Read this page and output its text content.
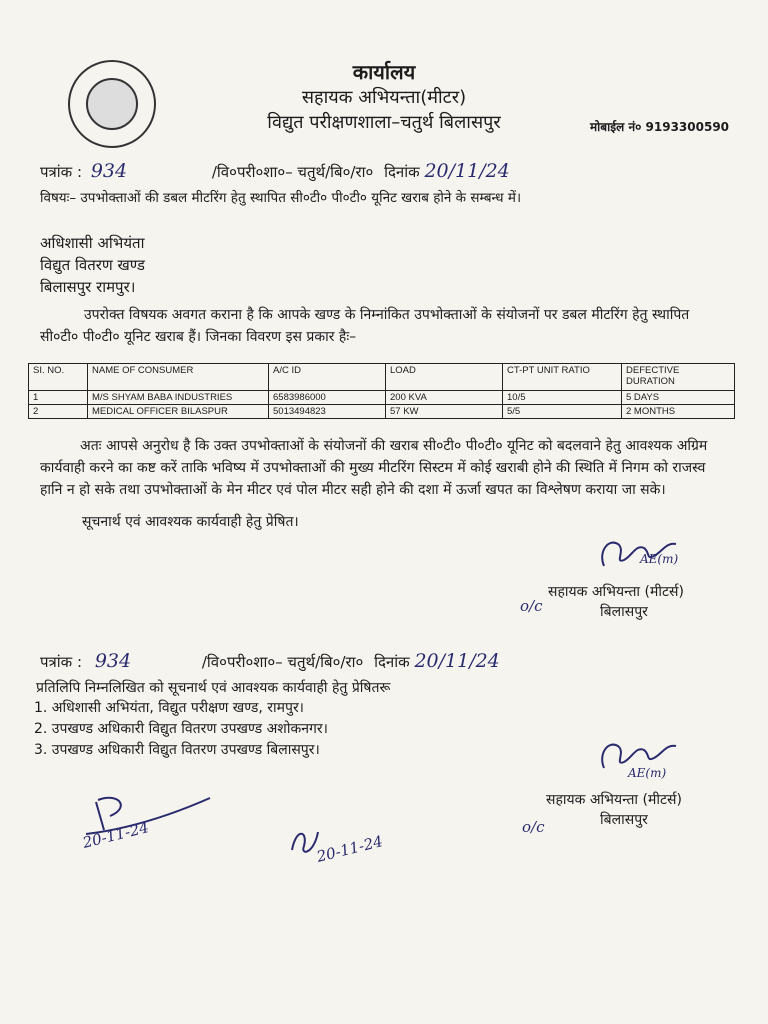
कार्यालय
सहायक अभियन्ता(मीटर)
विद्युत परीक्षणशाला–चतुर्थ बिलासपुर	मोबाईल नं० 9193300590
पत्रांक : 934	/वि०परी०शा०– चतुर्थ/बि०/रा० दिनांक 20/11/24
विषयः– उपभोक्ताओं की डबल मीटरिंग हेतु स्थापित सी०टी० पी०टी० यूनिट खराब होने के सम्बन्ध में।
अधिशासी अभियंता
विद्युत वितरण खण्ड
बिलासपुर रामपुर।
उपरोक्त विषयक अवगत कराना है कि आपके खण्ड के निम्नांकित उपभोक्ताओं के संयोजनों पर डबल मीटरिंग हेतु स्थापित सी०टी० पी०टी० यूनिट खराब हैं। जिनका विवरण इस प्रकार हैः–
SI. NO.	NAME OF CONSUMER	A/C ID	LOAD	CT-PT UNIT RATIO	DEFECTIVE DURATION
1	M/S SHYAM BABA INDUSTRIES	6583986000	200 KVA	10/5	5 DAYS
2	MEDICAL OFFICER BILASPUR	5013494823	57 KW	5/5	2 MONTHS
अतः आपसे अनुरोध है कि उक्त उपभोक्ताओं के संयोजनों की खराब सी०टी० पी०टी० यूनिट को बदलवाने हेतु आवश्यक अग्रिम कार्यवाही करने का कष्ट करें ताकि भविष्य में उपभोक्ताओं की मुख्य मीटरिंग सिस्टम में कोई खराबी होने की स्थिति में निगम को राजस्व हानि न हो सके तथा उपभोक्ताओं के मेन मीटर एवं पोल मीटर सही होने की दशा में ऊर्जा खपत का विश्लेषण कराया जा सके।
सूचनार्थ एवं आवश्यक कार्यवाही हेतु प्रेषित।
AE(m)
सहायक अभियन्ता (मीटर्स)
o/c	बिलासपुर
पत्रांक : 934	/वि०परी०शा०– चतुर्थ/बि०/रा० दिनांक 20/11/24
प्रतिलिपि निम्नलिखित को सूचनार्थ एवं आवश्यक कार्यवाही हेतु प्रेषितरू
1. अधिशासी अभियंता, विद्युत परीक्षण खण्ड, रामपुर।
2. उपखण्ड अधिकारी विद्युत वितरण उपखण्ड अशोकनगर।
3. उपखण्ड अधिकारी विद्युत वितरण उपखण्ड बिलासपुर।
AE(m)
सहायक अभियन्ता (मीटर्स)
बिलासपुर
o/c
20-11-24	20-11-24
